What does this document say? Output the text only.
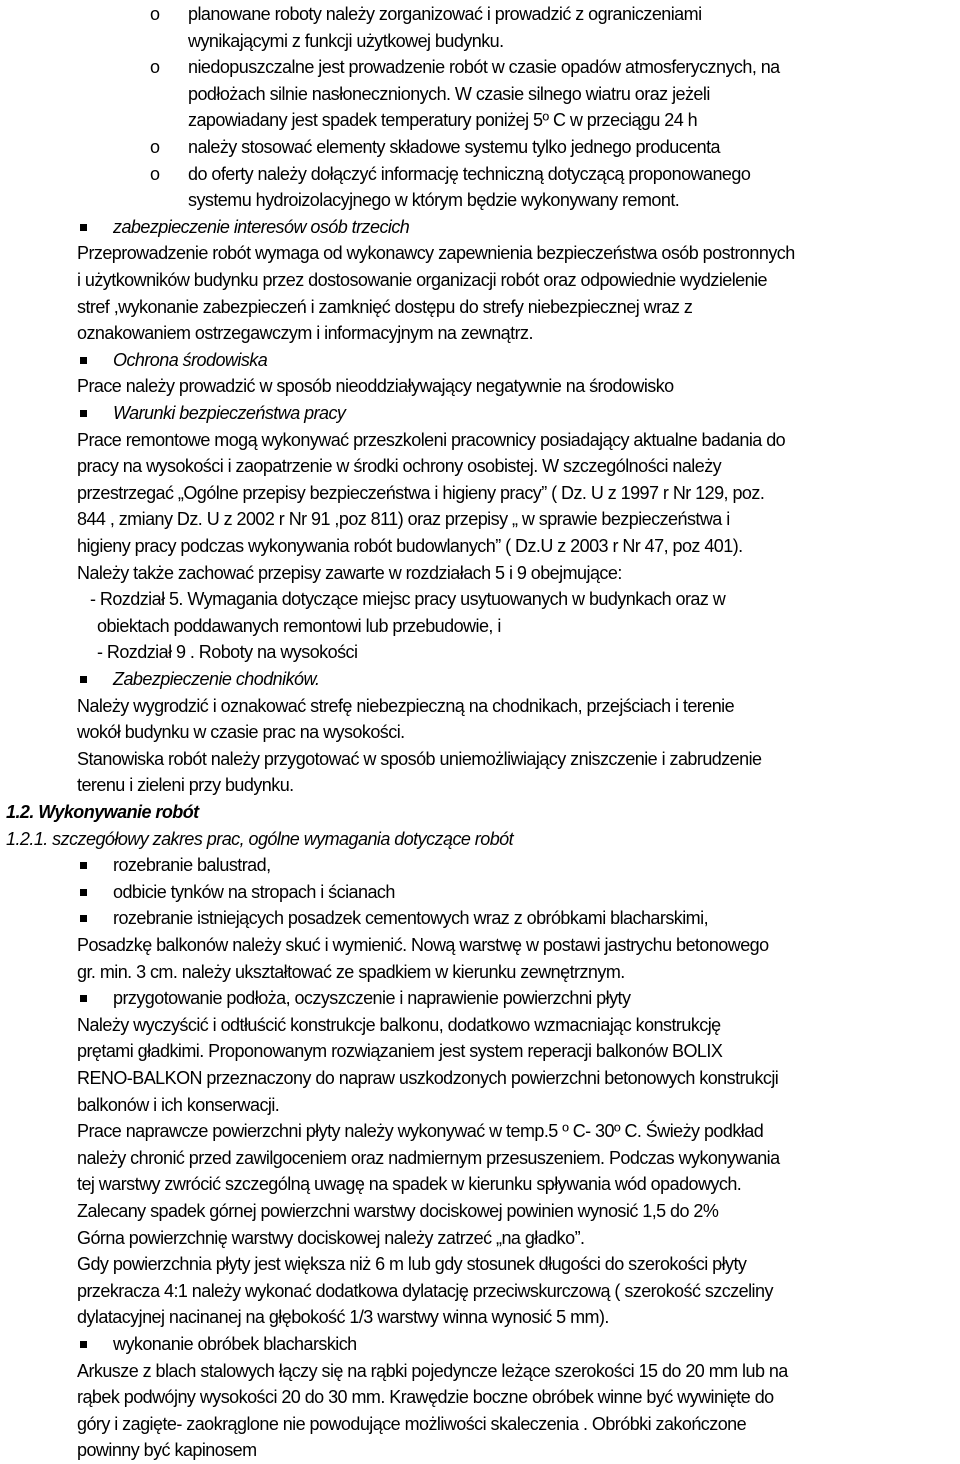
o planowane roboty należy zorganizować i prowadzić z ograniczeniami
wynikającymi z funkcji użytkowej budynku.
o niedopuszczalne jest prowadzenie robót w czasie opadów atmosferycznych, na
podłożach silnie nasłonecznionych. W czasie silnego wiatru oraz jeżeli
zapowiadany jest spadek temperatury poniżej 5º C w przeciągu 24 h
o należy stosować elementy składowe systemu tylko jednego producenta
o do oferty należy dołączyć informację techniczną dotyczącą proponowanego
systemu hydroizolacyjnego w którym będzie wykonywany remont.
zabezpieczenie interesów osób trzecich
Przeprowadzenie robót wymaga od wykonawcy zapewnienia bezpieczeństwa osób postronnych
i użytkowników budynku przez dostosowanie organizacji robót oraz odpowiednie wydzielenie
stref ,wykonanie zabezpieczeń i zamknięć dostępu do strefy niebezpiecznej wraz z
oznakowaniem ostrzegawczym i informacyjnym na zewnątrz.
Ochrona środowiska
Prace należy prowadzić w sposób nieoddziaływający negatywnie na środowisko
Warunki bezpieczeństwa pracy
Prace remontowe mogą wykonywać przeszkoleni pracownicy posiadający aktualne badania do
pracy na wysokości i zaopatrzenie w środki ochrony osobistej. W szczególności należy
przestrzegać „Ogólne przepisy bezpieczeństwa i higieny pracy” ( Dz. U z 1997 r Nr 129, poz.
844 , zmiany Dz. U z 2002 r Nr 91 ,poz 811) oraz przepisy „ w sprawie bezpieczeństwa i
higieny pracy podczas wykonywania robót budowlanych” ( Dz.U z 2003 r Nr 47, poz 401).
Należy także zachować przepisy zawarte w rozdziałach 5 i 9 obejmujące:
- Rozdział 5. Wymagania dotyczące miejsc pracy usytuowanych w budynkach oraz w
obiektach poddawanych remontowi lub przebudowie, i
- Rozdział 9 . Roboty na wysokości
Zabezpieczenie chodników.
Należy wygrodzić i oznakować strefę niebezpieczną na chodnikach, przejściach i terenie
wokół budynku w czasie prac na wysokości.
Stanowiska robót należy przygotować w sposób uniemożliwiający zniszczenie i zabrudzenie
terenu i zieleni przy budynku.
1.2. Wykonywanie robót
1.2.1. szczegółowy zakres prac, ogólne wymagania dotyczące robót
rozebranie balustrad,
odbicie tynków na stropach i ścianach
rozebranie istniejących posadzek cementowych wraz z obróbkami blacharskimi,
Posadzkę balkonów należy skuć i wymienić. Nową warstwę w postawi jastrychu betonowego
gr. min. 3 cm. należy ukształtować ze spadkiem w kierunku zewnętrznym.
przygotowanie podłoża, oczyszczenie i naprawienie powierzchni płyty
Należy wyczyścić i odtłuścić konstrukcje balkonu, dodatkowo wzmacniając konstrukcję
prętami gładkimi. Proponowanym rozwiązaniem jest system reperacji balkonów BOLIX
RENO-BALKON przeznaczony do napraw uszkodzonych powierzchni betonowych konstrukcji
balkonów i ich konserwacji.
Prace naprawcze powierzchni płyty należy wykonywać w temp.5 º C- 30º C. Świeży podkład
należy chronić przed zawilgoceniem oraz nadmiernym przesuszeniem. Podczas wykonywania
tej warstwy zwrócić szczególną uwagę na spadek w kierunku spływania wód opadowych.
Zalecany spadek górnej powierzchni warstwy dociskowej powinien wynosić 1,5 do 2%
Górna powierzchnię warstwy dociskowej należy zatrzeć „na gładko”.
Gdy powierzchnia płyty jest większa niż 6 m lub gdy stosunek długości do szerokości płyty
przekracza 4:1 należy wykonać dodatkowa dylatację przeciwskurczową ( szerokość szczeliny
dylatacyjnej nacinanej na głębokość 1/3 warstwy winna wynosić 5 mm).
wykonanie obróbek blacharskich
Arkusze z blach stalowych łączy się na rąbki pojedyncze leżące szerokości 15 do 20 mm lub na
rąbek podwójny wysokości 20 do 30 mm. Krawędzie boczne obróbek winne być wywinięte do
góry i zagięte- zaokrąglone nie powodujące możliwości skaleczenia . Obróbki zakończone
powinny być kapinosem
